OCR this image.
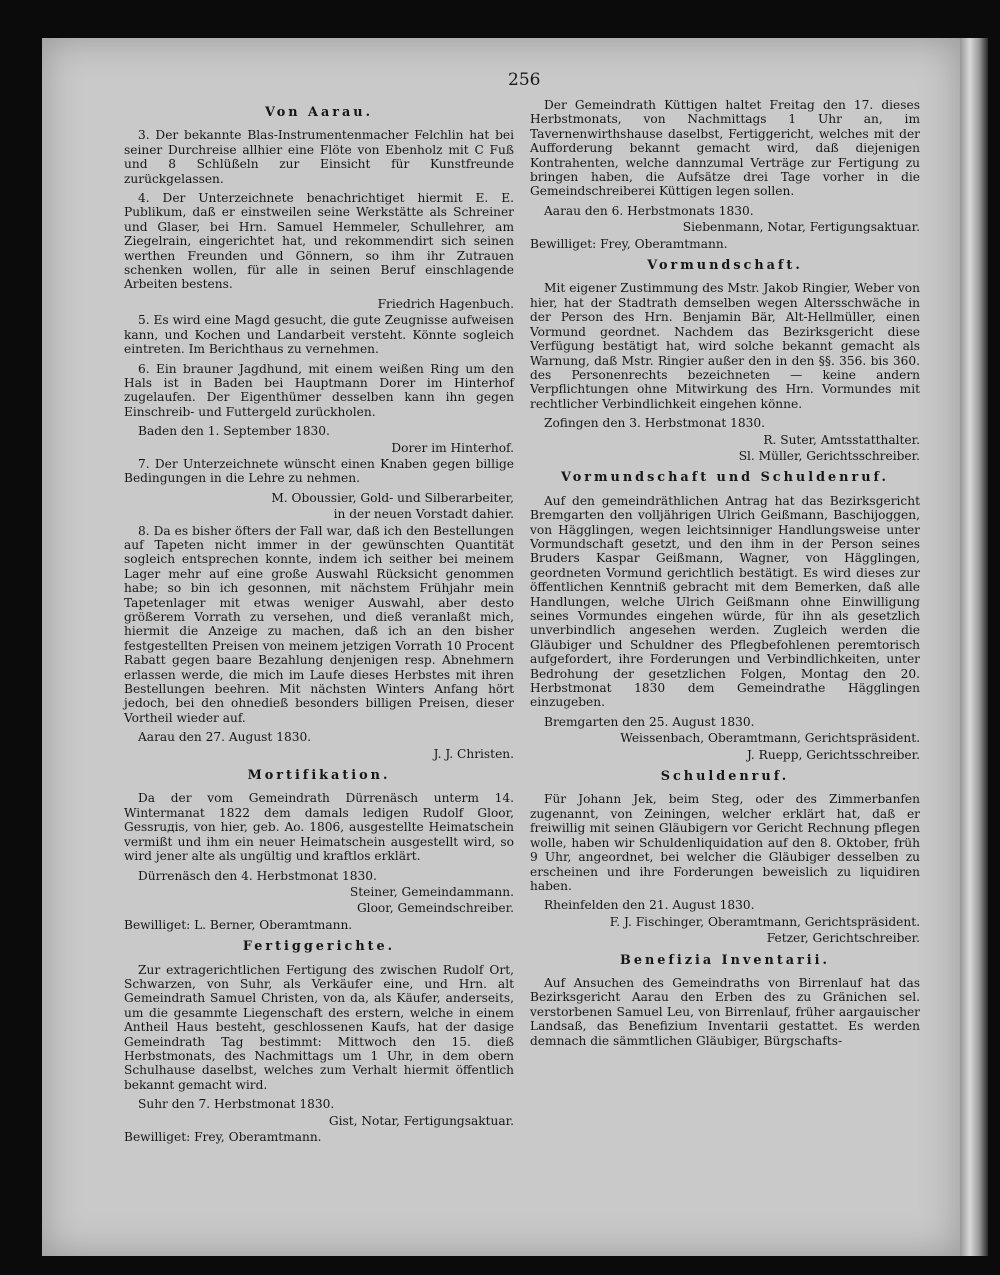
256
Von Aarau.

3. Der bekannte Blas-Instrumentenmacher Felchlin hat bei seiner Durchreise allhier eine Flöte von Ebenholz mit C Fuß und 8 Schlüßeln zur Einsicht für Kunstfreunde zurückgelassen.

4. Der Unterzeichnete benachrichtiget hiermit E. E. Publikum, daß er einstweilen seine Werkstätte als Schreiner und Glaser, bei Hrn. Samuel Hemmeler, Schullehrer, am Ziegelrain, eingerichtet hat, und rekommendirt sich seinen werthen Freunden und Gönnern, so ihm ihr Zutrauen schenken wollen, für alle in seinen Beruf einschlagende Arbeiten bestens.

Friedrich Hagenbuch.

5. Es wird eine Magd gesucht, die gute Zeugnisse aufweisen kann, und Kochen und Landarbeit versteht. Könnte sogleich eintreten. Im Berichthaus zu vernehmen.

6. Ein brauner Jagdhund, mit einem weißen Ring um den Hals ist in Baden bei Hauptmann Dorer im Hinterhof zugelaufen. Der Eigenthümer desselben kann ihn gegen Einschreib- und Futtergeld zurückholen.

Baden den 1. September 1830.
Dorer im Hinterhof.

7. Der Unterzeichnete wünscht einen Knaben gegen billige Bedingungen in die Lehre zu nehmen.

M. Oboussier, Gold- und Silberarbeiter,
in der neuen Vorstadt dahier.

8. Da es bisher öfters der Fall war, daß ich den Bestellungen auf Tapeten nicht immer in der gewünschten Quantität sogleich entsprechen konnte, indem ich seither bei meinem Lager mehr auf eine große Auswahl Rücksicht genommen habe; so bin ich gesonnen, mit nächstem Frühjahr mein Tapetenlager mit etwas weniger Auswahl, aber desto größerem Vorrath zu versehen, und dieß veranlaßt mich, hiermit die Anzeige zu machen, daß ich an den bisher festgestellten Preisen von meinem jetzigen Vorrath 10 Procent Rabatt gegen baare Bezahlung denjenigen resp. Abnehmern erlassen werde, die mich im Laufe dieses Herbstes mit ihren Bestellungen beehren. Mit nächsten Winters Anfang hört jedoch, bei den ohnedieß besonders billigen Preisen, dieser Vortheil wieder auf.

Aarau den 27. August 1830.
J. J. Christen.
Mortifikation.

Da der vom Gemeindrath Dürrenäsch unterm 14. Wintermanat 1822 dem damals ledigen Rudolf Gloor, Gessruдis, von hier, geb. Ao. 1806, ausgestellte Heimatschein vermißt und ihm ein neuer Heimatschein ausgestellt wird, so wird jener alte als ungültig und kraftlos erklärt.

Dürrenäsch den 4. Herbstmonat 1830.
Steiner, Gemeindammann.
Gloor, Gemeindschreiber.

Bewilliget: L. Berner, Oberamtmann.

Fertiggerichte.

Zur extragerichtlichen Fertigung des zwischen Rudolf Ort, Schwarzen, von Suhr, als Verkäufer eine, und Hrn. alt Gemeindrath Samuel Christen, von da, als Käufer, anderseits, um die gesammte Liegenschaft des erstern, welche in einem Antheil Haus besteht, geschlossenen Kaufs, hat der dasige Gemeindrath Tag bestimmt: Mittwoch den 15. dieß Herbstmonats, des Nachmittags um 1 Uhr, in dem obern Schulhause daselbst, welches zum Verhalt hiermit öffentlich bekannt gemacht wird.

Suhr den 7. Herbstmonat 1830.
Gist, Notar, Fertigungsaktuar.

Bewilliget: Frey, Oberamtmann.

Der Gemeindrath Küttigen haltet Freitag den 17. dieses Herbstmonats, von Nachmittags 1 Uhr an, im Tavernenwirthshause daselbst, Fertiggericht, welches mit der Aufforderung bekannt gemacht wird, daß diejenigen Kontrahenten, welche dannzumal Verträge zur Fertigung zu bringen haben, die Aufsätze drei Tage vorher in die Gemeindschreiberei Küttigen legen sollen.

Aarau den 6. Herbstmonats 1830.
Siebenmann, Notar, Fertigungsaktuar.

Bewilliget: Frey, Oberamtmann.

Vormundschaft.

Mit eigener Zustimmung des Mstr. Jakob Ringier, Weber von hier, hat der Stadtrath demselben wegen Altersschwäche in der Person des Hrn. Benjamin Bär, Alt-Hellmüller, einen Vormund geordnet. Nachdem das Bezirksgericht diese Verfügung bestätigt hat, wird solche bekannt gemacht als Warnung, daß Mstr. Ringier außer den in den §§. 356. bis 360. des Personenrechts bezeichneten — keine andern Verpflichtungen ohne Mitwirkung des Hrn. Vormundes mit rechtlicher Verbindlichkeit eingehen könne.

Zofingen den 3. Herbstmonat 1830.
R. Suter, Amtsstatthalter.
Sl. Müller, Gerichtsschreiber.
Vormundschaft und Schuldenruf.

Auf den gemeindräthlichen Antrag hat das Bezirksgericht Bremgarten den volljährigen Ulrich Geißmann, Baschijoggen, von Hägglingen, wegen leichtsinniger Handlungsweise unter Vormundschaft gesetzt, und den ihm in der Person seines Bruders Kaspar Geißmann, Wagner, von Hägglingen, geordneten Vormund gerichtlich bestätigt. Es wird dieses zur öffentlichen Kenntniß gebracht mit dem Bemerken, daß alle Handlungen, welche Ulrich Geißmann ohne Einwilligung seines Vormundes eingehen würde, für ihn als gesetzlich unverbindlich angesehen werden. Zugleich werden die Gläubiger und Schuldner des Pflegbefohlenen peremtorisch aufgefordert, ihre Forderungen und Verbindlichkeiten, unter Bedrohung der gesetzlichen Folgen, Montag den 20. Herbstmonat 1830 dem Gemeindrathe Hägglingen einzugeben.

Bremgarten den 25. August 1830.
Weissenbach, Oberamtmann, Gerichtspräsident.
J. Ruepp, Gerichtsschreiber.
Schuldenruf.

Für Johann Jek, beim Steg, oder des Zimmerbanfen zugenannt, von Zeiningen, welcher erklärt hat, daß er freiwillig mit seinen Gläubigern vor Gericht Rechnung pflegen wolle, haben wir Schuldenliquidation auf den 8. Oktober, früh 9 Uhr, angeordnet, bei welcher die Gläubiger desselben zu erscheinen und ihre Forderungen beweislich zu liquidiren haben.

Rheinfelden den 21. August 1830.
F. J. Fischinger, Oberamtmann, Gerichtspräsident.
Fetzer, Gerichtschreiber.
Benefizia Inventarii.

Auf Ansuchen des Gemeindraths von Birrenlauf hat das Bezirksgericht Aarau den Erben des zu Gränichen sel. verstorbenen Samuel Leu, von Birrenlauf, früher aargauischer Landsaß, das Benefizium Inventarii gestattet. Es werden demnach die sämmtlichen Gläubiger, Bürgschafts-
